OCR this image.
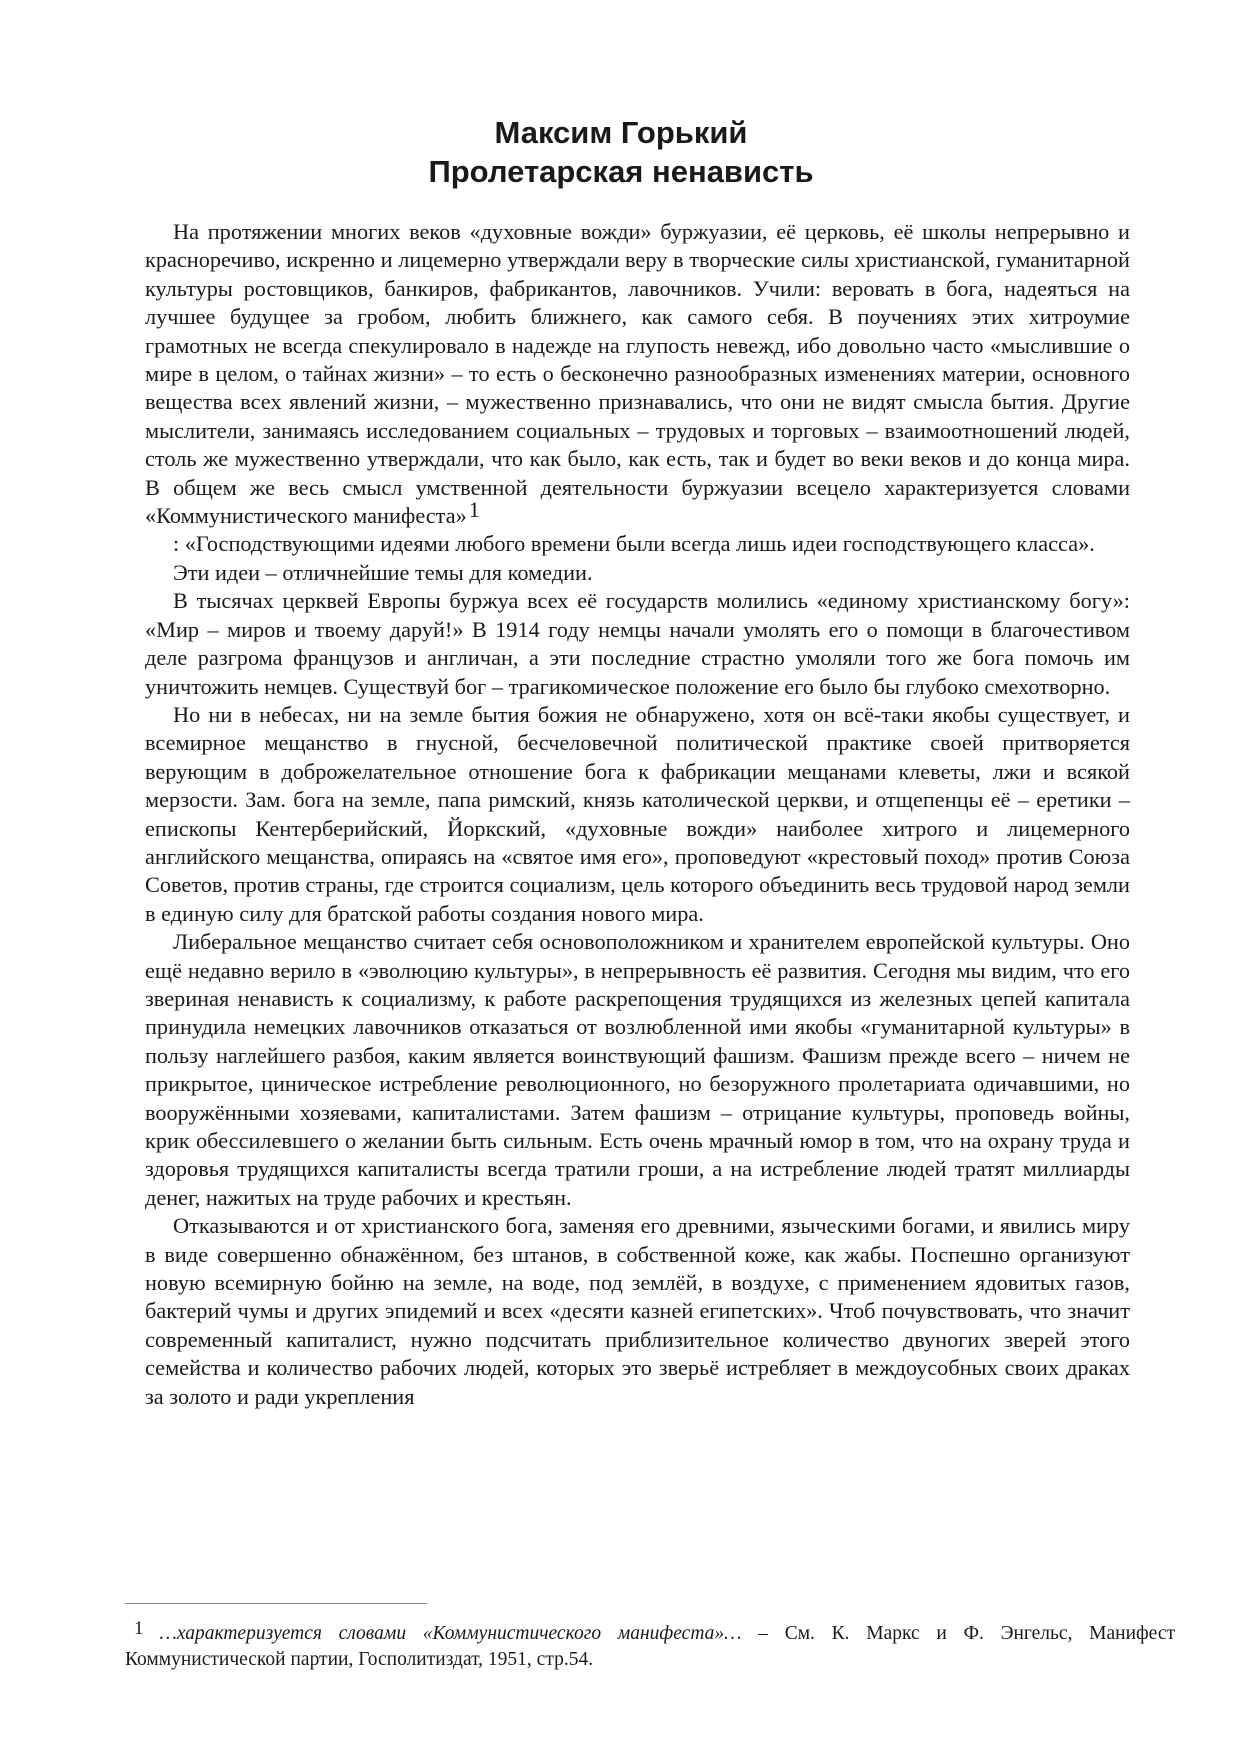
Максим Горький
Пролетарская ненависть

На протяжении многих веков «духовные вожди» буржуазии, её церковь, её школы непрерывно и красноречиво, искренно и лицемерно утверждали веру в творческие силы христианской, гуманитарной культуры ростовщиков, банкиров, фабрикантов, лавочников. Учили: веровать в бога, надеяться на лучшее будущее за гробом, любить ближнего, как самого себя. В поучениях этих хитроумие грамотных не всегда спекулировало в надежде на глупость невежд, ибо довольно часто «мыслившие о мире в целом, о тайнах жизни» – то есть о бесконечно разнообразных изменениях материи, основного вещества всех явлений жизни, – мужественно признавались, что они не видят смысла бытия. Другие мыслители, занимаясь исследованием социальных – трудовых и торговых – взаимоотношений людей, столь же мужественно утверждали, что как было, как есть, так и будет во веки веков и до конца мира. В общем же весь смысл умственной деятельности буржуазии всецело характеризуется словами «Коммунистического манифеста»1

: «Господствующими идеями любого времени были всегда лишь идеи господствующего класса».

Эти идеи – отличнейшие темы для комедии.

В тысячах церквей Европы буржуа всех её государств молились «единому христианскому богу»: «Мир – миров и твоему даруй!» В 1914 году немцы начали умолять его о помощи в благочестивом деле разгрома французов и англичан, а эти последние страстно умоляли того же бога помочь им уничтожить немцев. Существуй бог – трагикомическое положение его было бы глубоко смехотворно.

Но ни в небесах, ни на земле бытия божия не обнаружено, хотя он всё-таки якобы существует, и всемирное мещанство в гнусной, бесчеловечной политической практике своей притворяется верующим в доброжелательное отношение бога к фабрикации мещанами клеветы, лжи и всякой мерзости. Зам. бога на земле, папа римский, князь католической церкви, и отщепенцы её – еретики – епископы Кентерберийский, Йоркский, «духовные вожди» наиболее хитрого и лицемерного английского мещанства, опираясь на «святое имя его», проповедуют «крестовый поход» против Союза Советов, против страны, где строится социализм, цель которого объединить весь трудовой народ земли в единую силу для братской работы создания нового мира.

Либеральное мещанство считает себя основоположником и хранителем европейской культуры. Оно ещё недавно верило в «эволюцию культуры», в непрерывность её развития. Сегодня мы видим, что его звериная ненависть к социализму, к работе раскрепощения трудящихся из железных цепей капитала принудила немецких лавочников отказаться от возлюбленной ими якобы «гуманитарной культуры» в пользу наглейшего разбоя, каким является воинствующий фашизм. Фашизм прежде всего – ничем не прикрытое, циническое истребление революционного, но безоружного пролетариата одичавшими, но вооружёнными хозяевами, капиталистами. Затем фашизм – отрицание культуры, проповедь войны, крик обессилевшего о желании быть сильным. Есть очень мрачный юмор в том, что на охрану труда и здоровья трудящихся капиталисты всегда тратили гроши, а на истребление людей тратят миллиарды денег, нажитых на труде рабочих и крестьян.

Отказываются и от христианского бога, заменяя его древними, языческими богами, и явились миру в виде совершенно обнажённом, без штанов, в собственной коже, как жабы. Поспешно организуют новую всемирную бойню на земле, на воде, под землёй, в воздухе, с применением ядовитых газов, бактерий чумы и других эпидемий и всех «десяти казней египетских». Чтоб почувствовать, что значит современный капиталист, нужно подсчитать приблизительное количество двуногих зверей этого семейства и количество рабочих людей, которых это зверьё истребляет в междоусобных своих драках за золото и ради укрепления

1 …характеризуется словами «Коммунистического манифеста»… – См. К. Маркс и Ф. Энгельс, Манифест Коммунистической партии, Госполитиздат, 1951, стр.54.
